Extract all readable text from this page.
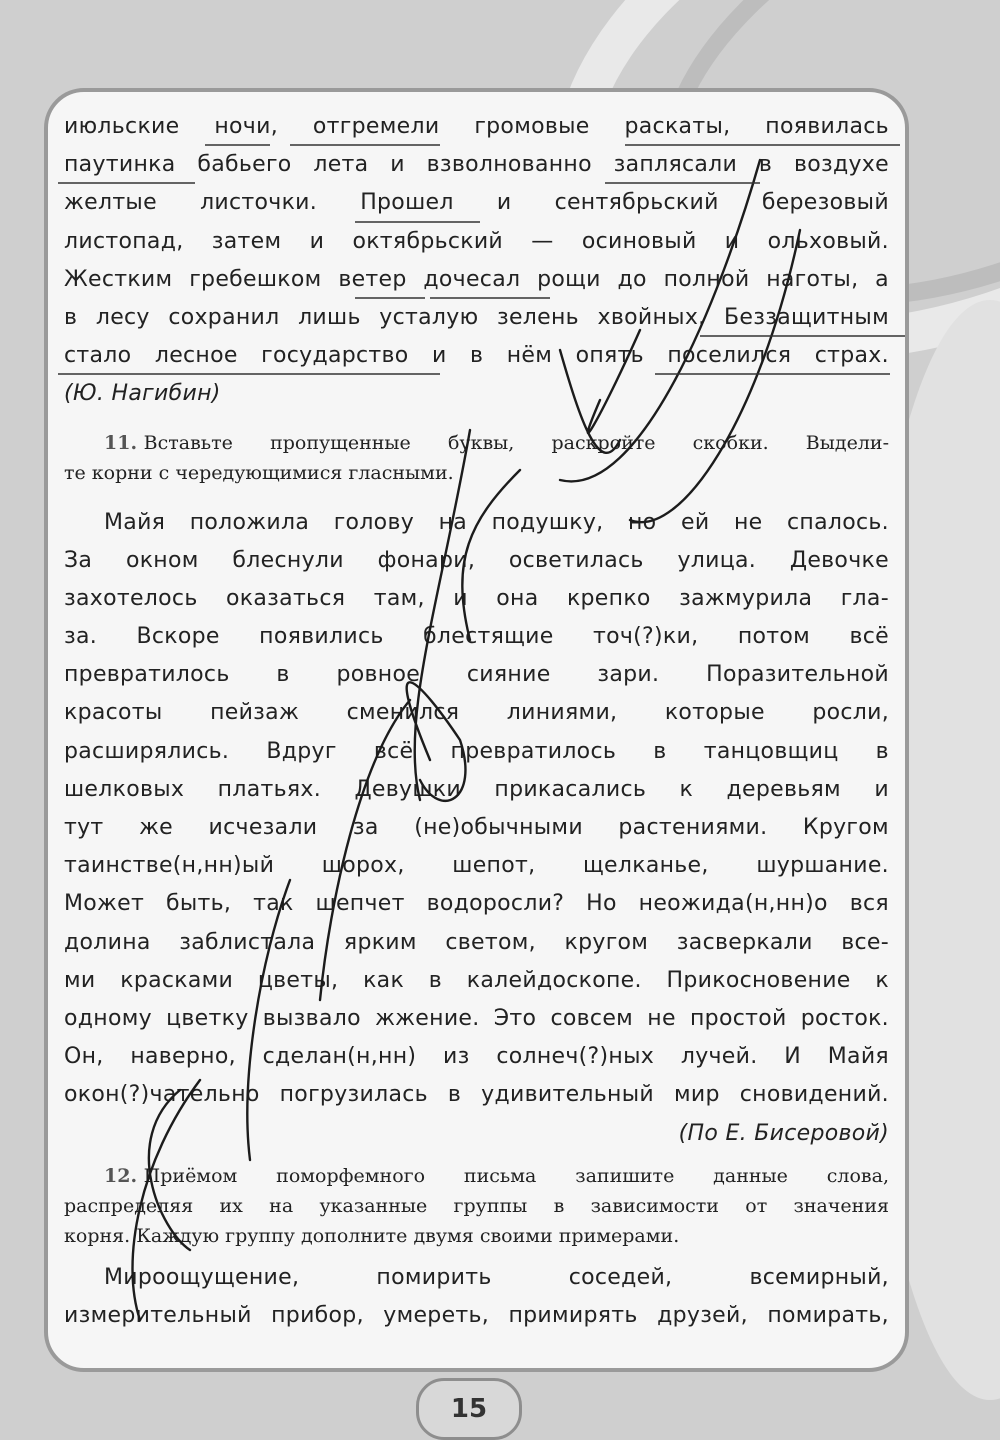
июльские ночи, отгремели громовые раскаты, появилась
паутинка бабьего лета и взволнованно заплясали в воздухе
желтые листочки. Прошел и сентябрьский березовый
листопад, затем и октябрьский — осиновый и ольховый.
Жестким гребешком ветер дочесал рощи до полной наготы, а
в лесу сохранил лишь усталую зелень хвойных. Беззащитным
стало лесное государство и в нём опять поселился страх.
(Ю. Нагибин)
11. Вставьте пропущенные буквы, раскройте скобки. Выдели-
те корни с чередующимися гласными.
Майя положила голову на подушку, но ей не спалось.
За окном блеснули фонари, осветилась улица. Девочке
захотелось оказаться там, и она крепко зажмурила гла-
за. Вскоре появились блестящие точ(?)ки, потом всё
превратилось в ровное сияние зари. Поразительной
красоты пейзаж сменился линиями, которые росли,
расширялись. Вдруг всё превратилось в танцовщиц в
шелковых платьях. Девушки прикасались к деревьям и
тут же исчезали за (не)обычными растениями. Кругом
таинстве(н,нн)ый шорох, шепот, щелканье, шуршание.
Может быть, так шепчет водоросли? Но неожида(н,нн)о вся
долина заблистала ярким светом, кругом засверкали все-
ми красками цветы, как в калейдоскопе. Прикосновение к
одному цветку вызвало жжение. Это совсем не простой росток.
Он, наверно, сделан(н,нн) из солнеч(?)ных лучей. И Майя
окон(?)чательно погрузилась в удивительный мир сновидений.
(По Е. Бисеровой)
12. Приёмом поморфемного письма запишите данные слова,
распределяя их на указанные группы в зависимости от значения
корня. Каждую группу дополните двумя своими примерами.
Мироощущение,	помирить	соседей,	всемирный,
измерительный прибор, умереть, примирять друзей, помирать,
15
